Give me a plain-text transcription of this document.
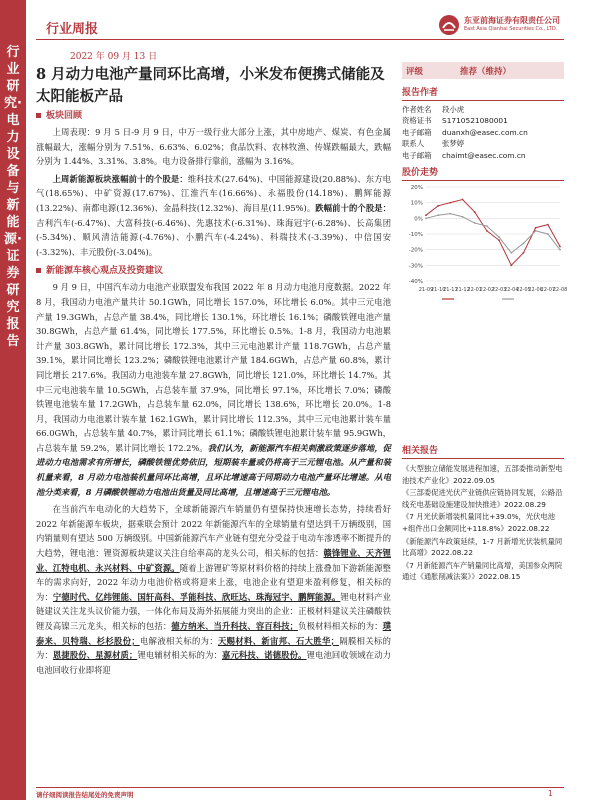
行业研究·电力设备与新能源·证券研究报告
行业周报
东亚前海证券有限责任公司
East Asia Qianhai Securities Co., LTD.
2022 年 09 月 13 日
8 月动力电池产量同环比高增，小米发布便携式储能及太阳能板产品
板块回顾

上周表现：9 月 5 日-9 月 9 日，中万一级行业大部分上涨，其中房地产、煤炭、有色金属涨幅最大，涨幅分别为 7.51%、6.63%、6.02%；食品饮料、农林牧渔、传媒跌幅最大，跌幅分别为 1.44%、3.31%、3.8%。电力设备排行靠前，涨幅为 3.16%。

上周新能源板块涨幅前十的个股是：维科技术(27.64%)、中国能源建设(20.88%)、东方电气(18.65%)、中矿资源(17.67%)、江淮汽车(16.66%)、永福股份(14.18%)、鹏辉能源(13.22%)、南都电源(12.36%)、金晶科技(12.32%)、海目星(11.95%)。跌幅前十的个股是：吉利汽车(-6.47%)、大富科技(-6.46%)、先惠技术(-6.31%)、珠海冠宇(-6.28%)、长高集团(-5.34%)、顺风清洁能源(-4.76%)、小鹏汽车(-4.24%)、科瑞技术(-3.39%)、中信国安(-3.32%)、丰元股份(-3.04%)。

新能源车核心观点及投资建议

9 月 9 日，中国汽车动力电池产业联盟发布我国 2022 年 8 月动力电池月度数据。2022 年 8 月，我国动力电池产量共计 50.1GWh，同比增长 157.0%，环比增长 6.0%。其中三元电池产量 19.3GWh，占总产量 38.4%，同比增长 130.1%，环比增长 16.1%；磷酸铁锂电池产量 30.8GWh，占总产量 61.4%，同比增长 177.5%，环比增长 0.5%。1-8 月，我国动力电池累计产量 303.8GWh，累计同比增长 172.3%，其中三元电池累计产量 118.7GWh，占总产量 39.1%，累计同比增长 123.2%；磷酸铁锂电池累计产量 184.6GWh，占总产量 60.8%，累计同比增长 217.6%。我国动力电池装车量 27.8GWh，同比增长 121.0%，环比增长 14.7%。其中三元电池装车量 10.5GWh，占总装车量 37.9%，同比增长 97.1%，环比增长 7.0%；磷酸铁锂电池装车量 17.2GWh，占总装车量 62.0%，同比增长 138.6%，环比增长 20.0%。1-8 月，我国动力电池累计装车量 162.1GWh，累计同比增长 112.3%，其中三元电池累计装车量 66.0GWh，占总装车量 40.7%，累计同比增长 61.1%；磷酸铁锂电池累计装车量 95.9GWh，占总装车量 59.2%，累计同比增长 172.2%。我们认为，新能源汽车相关刺激政策逐步落地，促进动力电池需求有所增长，磷酸铁锂优势依旧，短期装车量或仍将高于三元锂电池。从产量和装机量来看，8 月动力电池装机量同环比高增，且环比增速高于同期动力电池产量环比增速。从电池分类来看，8 月磷酸铁锂动力电池出货量及同比高增，且增速高于三元锂电池。

在当前汽车电动化的大趋势下，全球新能源汽车销量仍有望保持快速增长态势，持续看好 2022 年新能源车板块，据乘联会预计 2022 年新能源汽车的全球销量有望达到千万辆级别，国内销量则有望达 500 万辆级别。中国新能源汽车产业链有望充分受益于电动车渗透率不断提升的大趋势，锂电池：锂资源板块建议关注自给率高的龙头公司，相关标的包括：赣锋锂业、天齐锂业、江特电机、永兴材料、中矿资源。随着上游锂矿等原材料价格的持续上涨叠加下游新能源整车的需求向好，2022 年动力电池价格或将迎来上涨，电池企业有望迎来盈利修复，相关标的为：宁德时代、亿纬锂能、国轩高科、孚能科技、欣旺达、珠海冠宇、鹏辉能源。锂电材料产业链建议关注龙头议价能力强，一体化布局及海外拓展能力突出的企业：正极材料建议关注磷酸铁锂及高镍三元龙头，相关标的包括：德方纳米、当升科技、容百科技；负极材料相关标的为：璞泰来、贝特瑞、杉杉股份；电解液相关标的为：天赐材料、新宙邦、石大胜华；隔膜相关标的为：恩捷股份、星源材质；锂电辅材相关标的为：嘉元科技、诺德股份。锂电池回收领域在动力电池回收行业即将迎

评级	推荐（维持）
报告作者
作者姓名 段小虎
资格证书 S1710521080001
电子邮箱 duanxh@easec.com.cn
联系人 张梦婷
电子邮箱 chaimt@easec.com.cn
股价走势
20%
10%
0%
-10%
-20%
-30%
-40%
21-09
21-10
21-11
21-12
22-01
22-02
22-03
22-04
22-05
22-06
22-07
22-08
相关报告

《大型独立储能发展进程加速，五部委推动新型电池技术产业化》2022.09.05

《三部委促进光伏产业链供应链协同发展，公路沿线充电基础设施建设加快推进》2022.08.29

《7 月光伏新增装机量同比+39.0%，光伏电池+组件出口金额同比+118.8%》2022.08.22

《新能源汽车政策延续，1-7 月新增光伏装机量同比高增》2022.08.22

《7 月新能源汽车产销量同比高增，美国参众两院通过《通胀削减法案》》2022.08.15

请仔细阅读报告结尾处的免责声明	1
